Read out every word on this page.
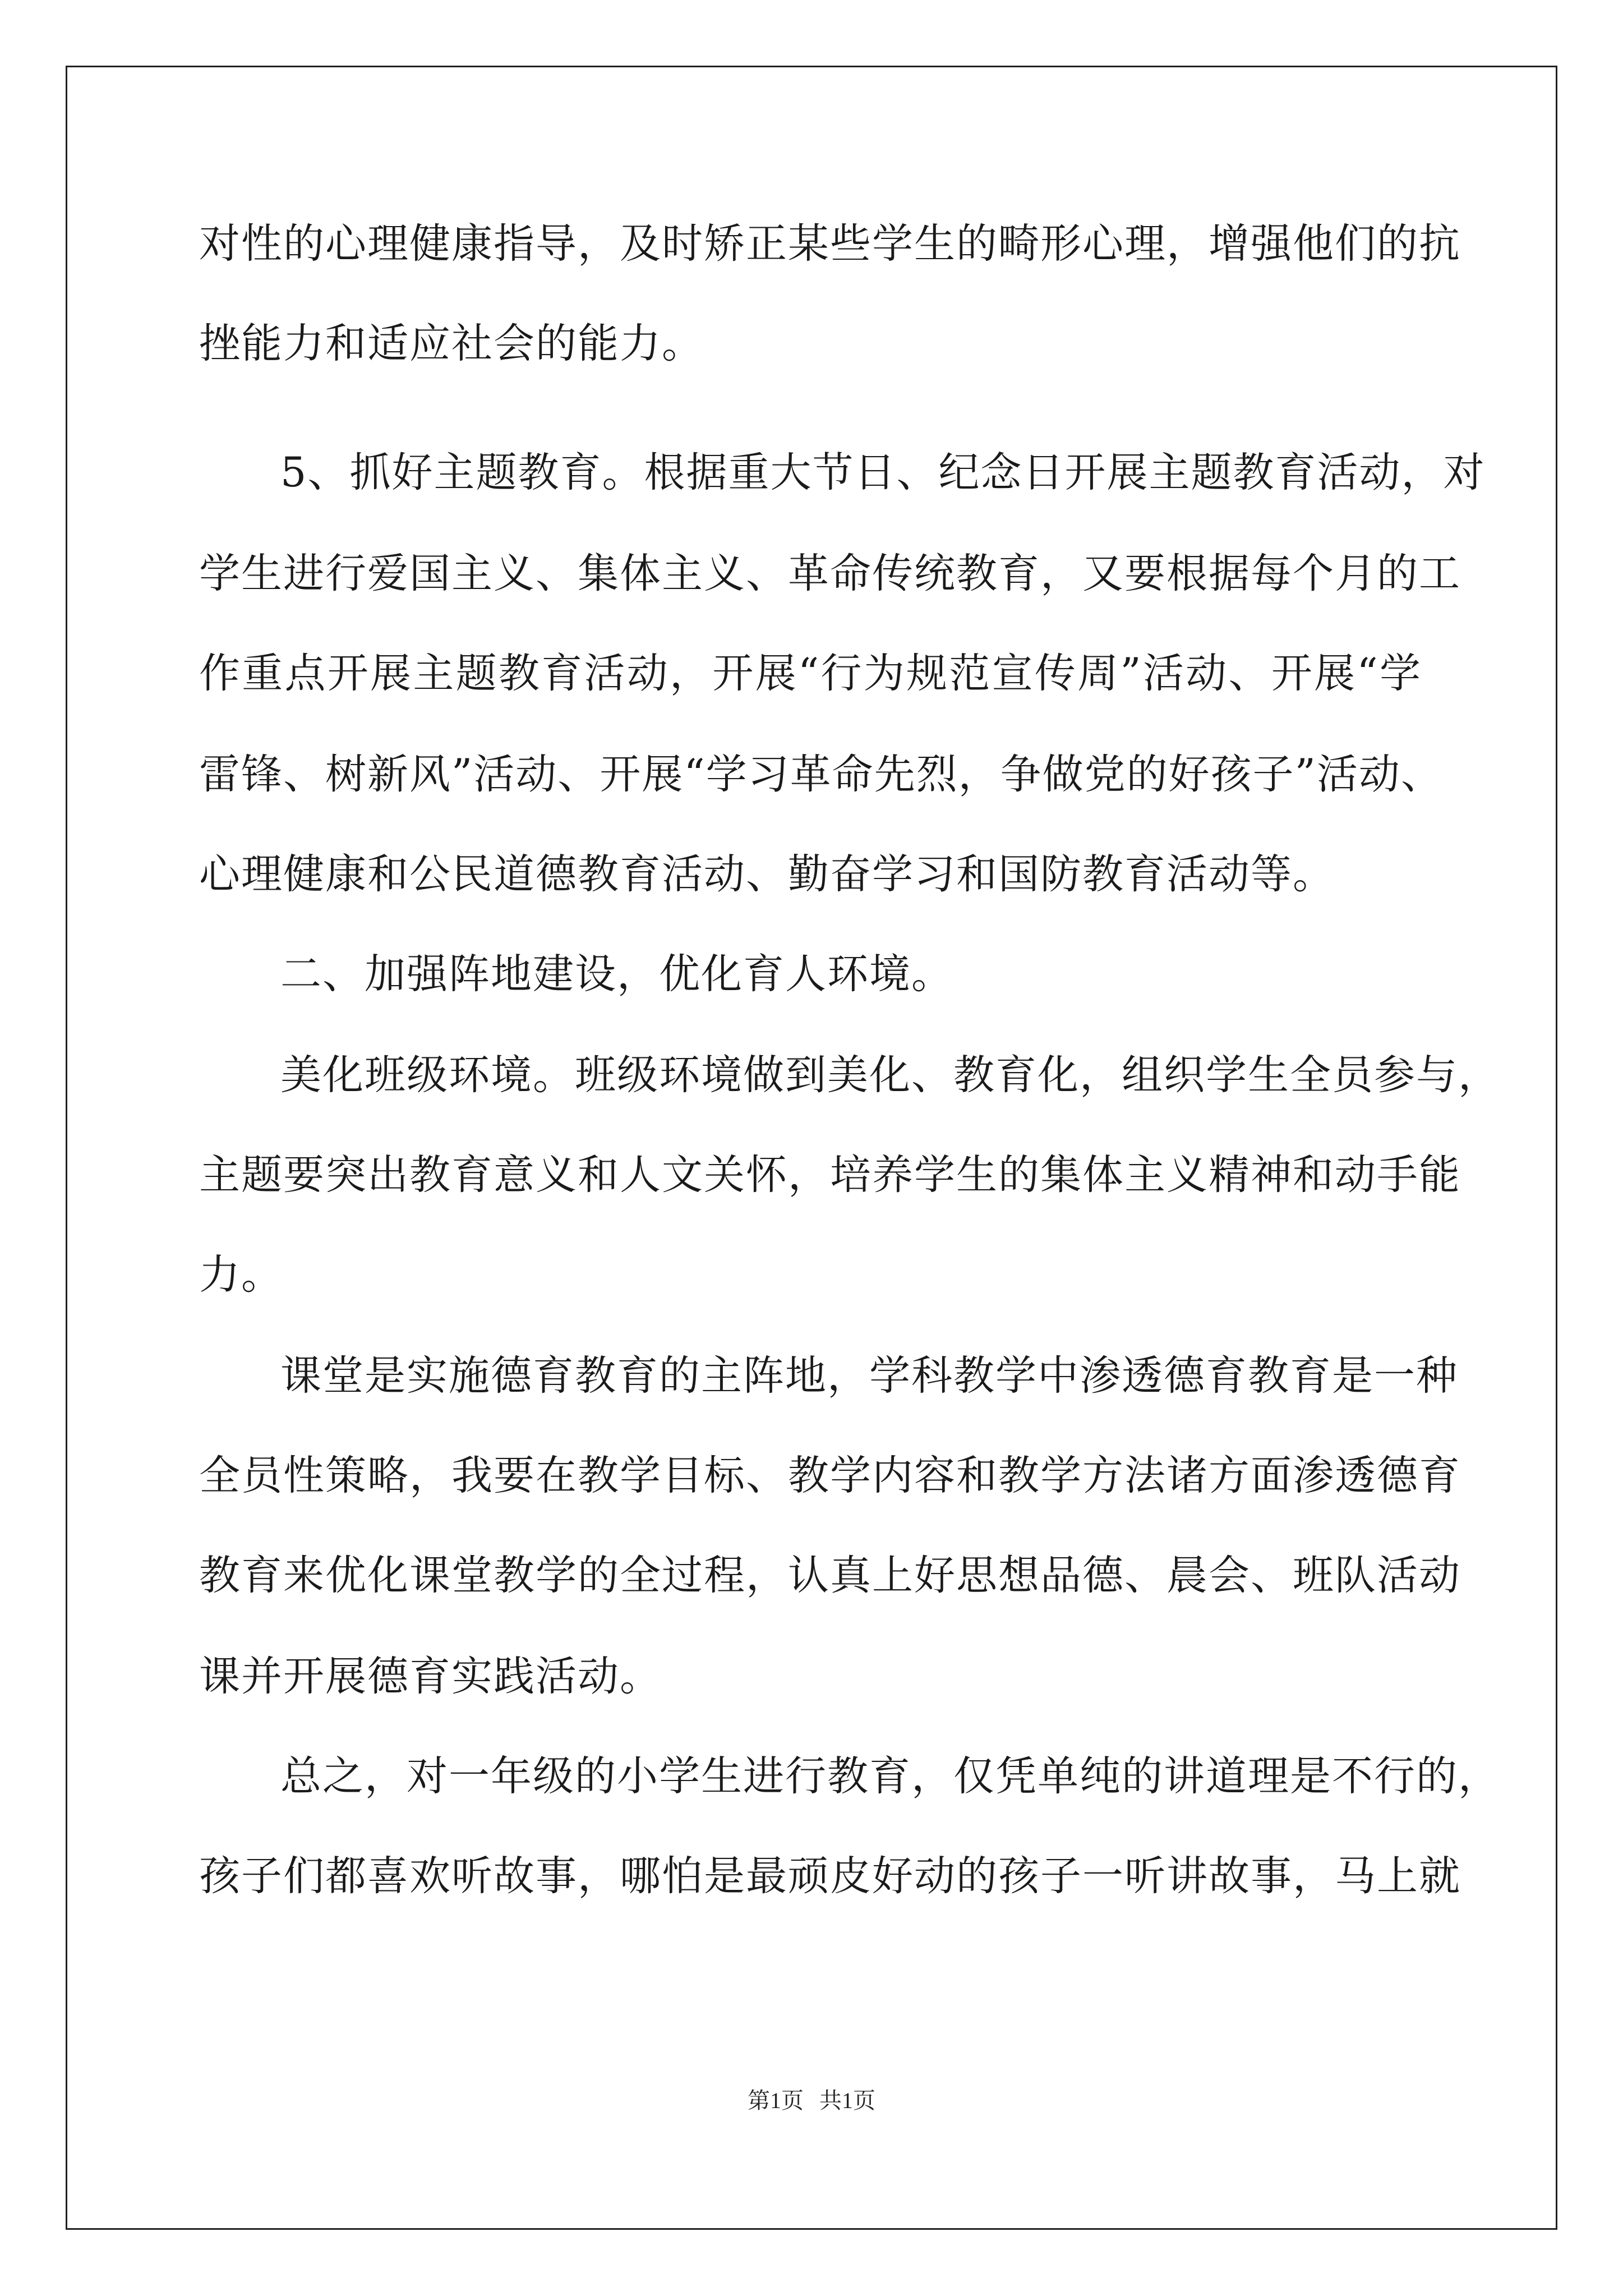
对性的心理健康指导，及时矫正某些学生的畸形心理，增强他们的抗
挫能力和适应社会的能力。
5、抓好主题教育。根据重大节日、纪念日开展主题教育活动，对
学生进行爱国主义、集体主义、革命传统教育，又要根据每个月的工
作重点开展主题教育活动，开展“行为规范宣传周”活动、开展“学
雷锋、树新风”活动、开展“学习革命先烈，争做党的好孩子”活动、
心理健康和公民道德教育活动、勤奋学习和国防教育活动等。
二、加强阵地建设，优化育人环境。
美化班级环境。班级环境做到美化、教育化，组织学生全员参与，
主题要突出教育意义和人文关怀，培养学生的集体主义精神和动手能
力。
课堂是实施德育教育的主阵地，学科教学中渗透德育教育是一种
全员性策略，我要在教学目标、教学内容和教学方法诸方面渗透德育
教育来优化课堂教学的全过程，认真上好思想品德、晨会、班队活动
课并开展德育实践活动。
总之，对一年级的小学生进行教育，仅凭单纯的讲道理是不行的，
孩子们都喜欢听故事，哪怕是最顽皮好动的孩子一听讲故事，马上就
第1页 共1页
